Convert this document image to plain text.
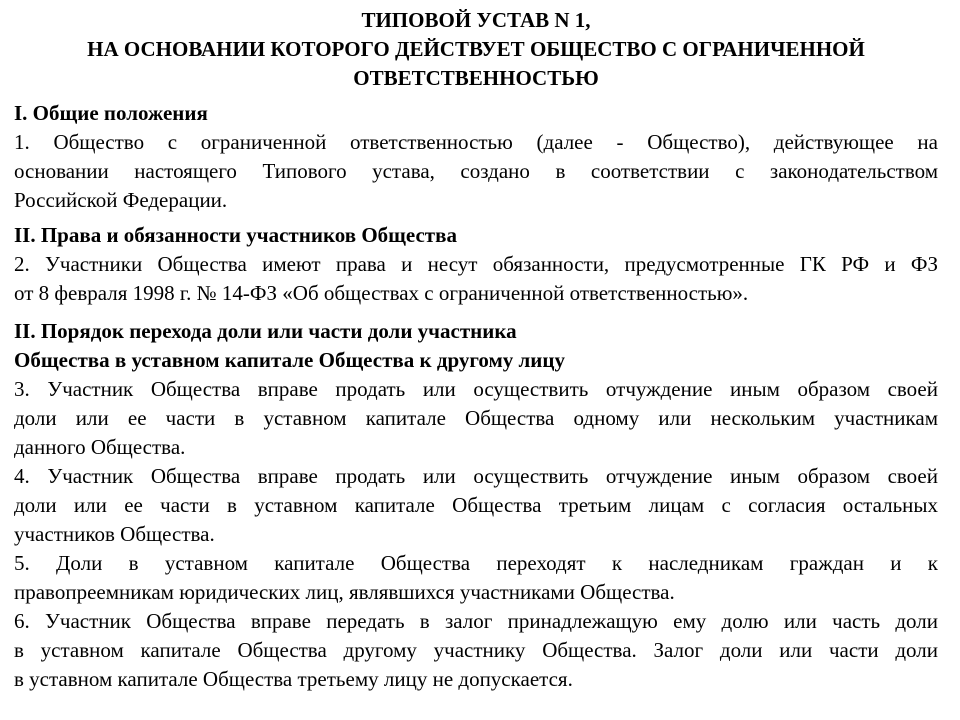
ТИПОВОЙ УСТАВ N 1,
НА ОСНОВАНИИ КОТОРОГО ДЕЙСТВУЕТ ОБЩЕСТВО С ОГРАНИЧЕННОЙ
ОТВЕТСТВЕННОСТЬЮ
I. Общие положения
1. Общество с ограниченной ответственностью (далее - Общество), действующее на
основании настоящего Типового устава, создано в соответствии с законодательством
Российской Федерации.
II. Права и обязанности участников Общества
2. Участники Общества имеют права и несут обязанности, предусмотренные ГК РФ и ФЗ
от 8 февраля 1998 г. № 14-ФЗ «Об обществах с ограниченной ответственностью».
II. Порядок перехода доли или части доли участника
Общества в уставном капитале Общества к другому лицу
3. Участник Общества вправе продать или осуществить отчуждение иным образом своей
доли или ее части в уставном капитале Общества одному или нескольким участникам
данного Общества.
4. Участник Общества вправе продать или осуществить отчуждение иным образом своей
доли или ее части в уставном капитале Общества третьим лицам с согласия остальных
участников Общества.
5. Доли в уставном капитале Общества переходят к наследникам граждан и к
правопреемникам юридических лиц, являвшихся участниками Общества.
6. Участник Общества вправе передать в залог принадлежащую ему долю или часть доли
в уставном капитале Общества другому участнику Общества. Залог доли или части доли
в уставном капитале Общества третьему лицу не допускается.
